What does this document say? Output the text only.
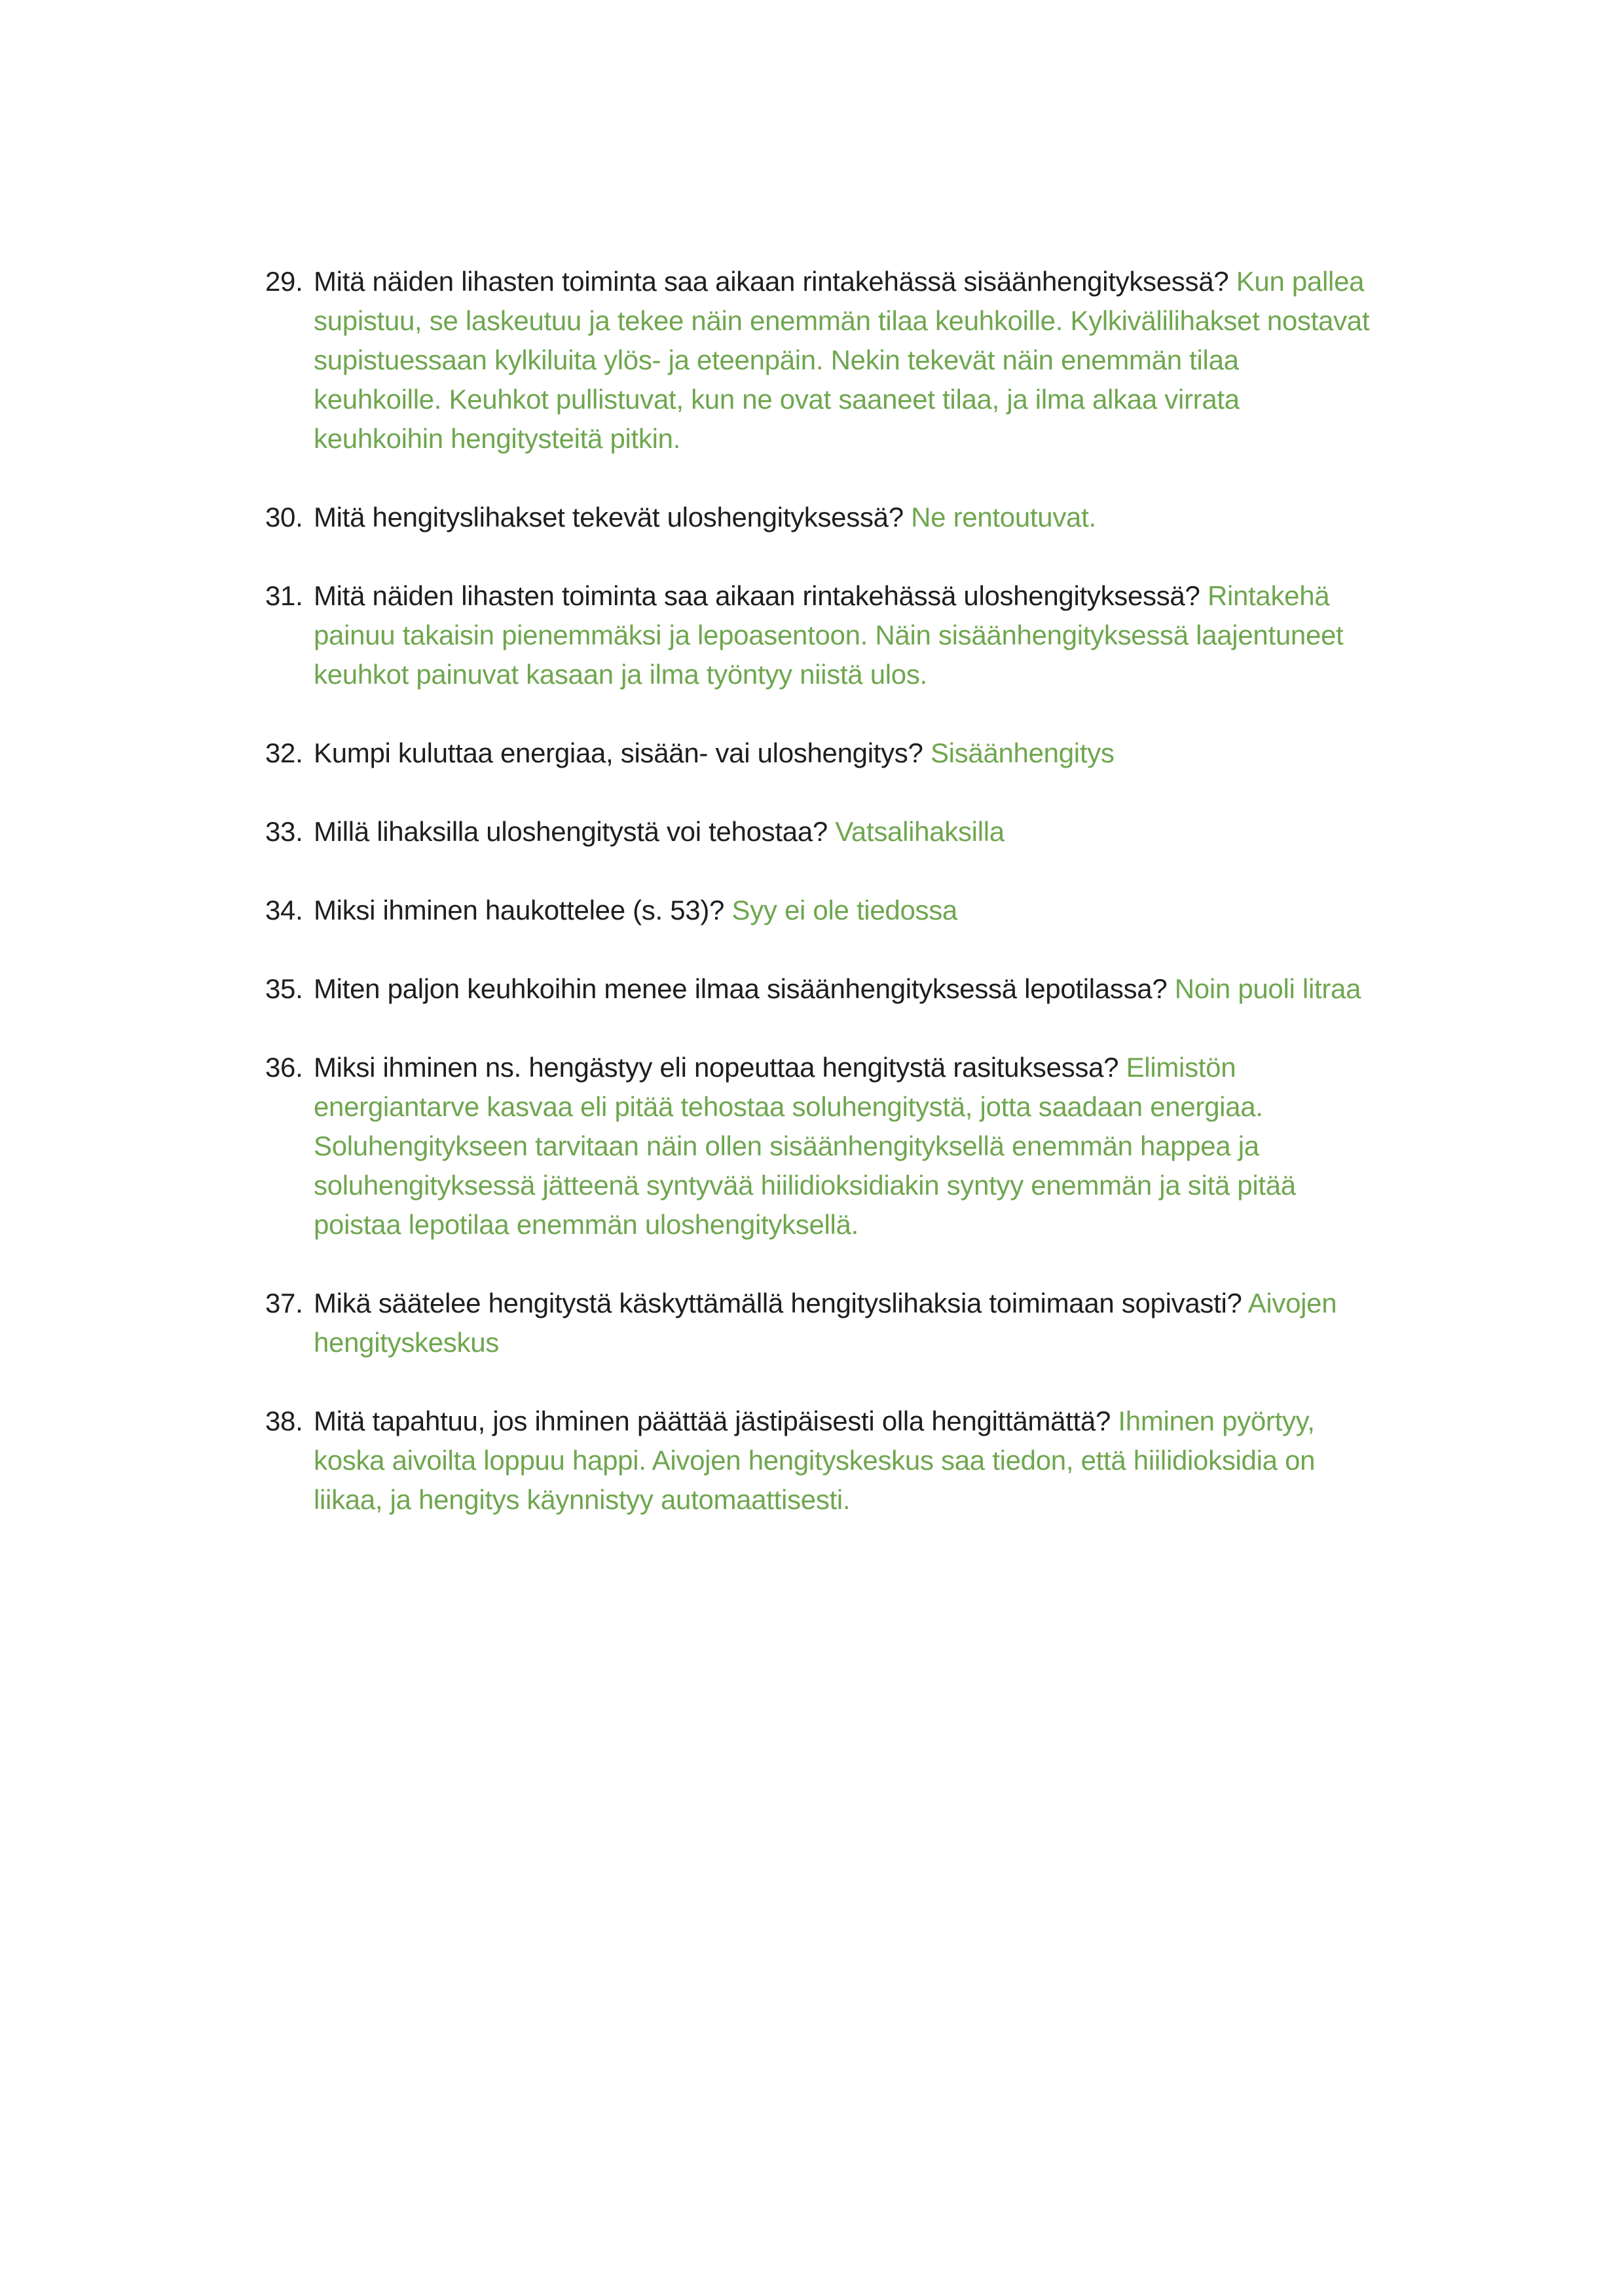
29. Mitä näiden lihasten toiminta saa aikaan rintakehässä sisäänhengityksessä? Kun pallea supistuu, se laskeutuu ja tekee näin enemmän tilaa keuhkoille. Kylkivälilihakset nostavat supistuessaan kylkiluita ylös- ja eteenpäin. Nekin tekevät näin enemmän tilaa keuhkoille. Keuhkot pullistuvat, kun ne ovat saaneet tilaa, ja ilma alkaa virrata keuhkoihin hengitysteitä pitkin.

30. Mitä hengityslihakset tekevät uloshengityksessä? Ne rentoutuvat.

31. Mitä näiden lihasten toiminta saa aikaan rintakehässä uloshengityksessä? Rintakehä painuu takaisin pienemmäksi ja lepoasentoon. Näin sisäänhengityksessä laajentuneet keuhkot painuvat kasaan ja ilma työntyy niistä ulos.

32. Kumpi kuluttaa energiaa, sisään- vai uloshengitys? Sisäänhengitys

33. Millä lihaksilla uloshengitystä voi tehostaa? Vatsalihaksilla

34. Miksi ihminen haukottelee (s. 53)? Syy ei ole tiedossa

35. Miten paljon keuhkoihin menee ilmaa sisäänhengityksessä lepotilassa? Noin puoli litraa

36. Miksi ihminen ns. hengästyy eli nopeuttaa hengitystä rasituksessa? Elimistön energiantarve kasvaa eli pitää tehostaa soluhengitystä, jotta saadaan energiaa. Soluhengitykseen tarvitaan näin ollen sisäänhengityksellä enemmän happea ja soluhengityksessä jätteenä syntyvää hiilidioksidiakin syntyy enemmän ja sitä pitää poistaa lepotilaa enemmän uloshengityksellä.

37. Mikä säätelee hengitystä käskyttämällä hengityslihaksia toimimaan sopivasti? Aivojen hengityskeskus

38. Mitä tapahtuu, jos ihminen päättää jästipäisesti olla hengittämättä? Ihminen pyörtyy, koska aivoilta loppuu happi. Aivojen hengityskeskus saa tiedon, että hiilidioksidia on liikaa, ja hengitys käynnistyy automaattisesti.
